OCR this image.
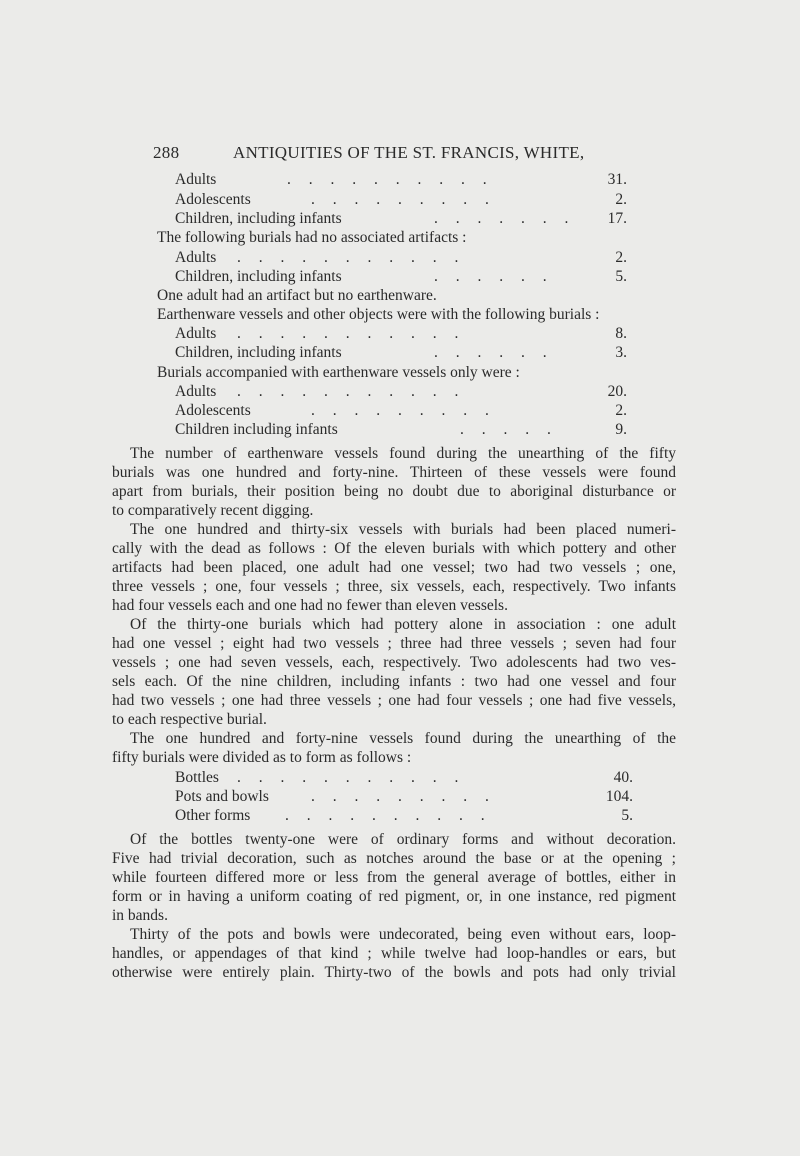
288	ANTIQUITIES OF THE ST. FRANCIS, WHITE,
Adults	. . . . . . . . . .	31.
Adolescents	. . . . . . . . .	2.
Children, including infants	. . . . . . . 17.
The following burials had no associated artifacts :
Adults . . . . . . . . . . .	2.
Children, including infants	. . . . . .	5.
One adult had an artifact but no earthenware.
Earthenware vessels and other objects were with the following burials :
Adults . . . . . . . . . . .	8.
Children, including infants	. . . . . .	3.
Burials accompanied with earthenware vessels only were :
Adults . . . . . . . . . . .	20.
Adolescents	. . . . . . . . .	2.
Children including infants	. . . . .	9.
The number of earthenware vessels found during the unearthing of the fifty
burials was one hundred and forty-nine. Thirteen of these vessels were found
apart from burials, their position being no doubt due to aboriginal disturbance or
to comparatively recent digging.
The one hundred and thirty-six vessels with burials had been placed numeri-
cally with the dead as follows : Of the eleven burials with which pottery and other
artifacts had been placed, one adult had one vessel; two had two vessels ; one,
three vessels ; one, four vessels ; three, six vessels, each, respectively. Two infants
had four vessels each and one had no fewer than eleven vessels.
Of the thirty-one burials which had pottery alone in association : one adult
had one vessel ; eight had two vessels ; three had three vessels ; seven had four
vessels ; one had seven vessels, each, respectively. Two adolescents had two ves-
sels each. Of the nine children, including infants : two had one vessel and four
had two vessels ; one had three vessels ; one had four vessels ; one had five vessels,
to each respective burial.
The one hundred and forty-nine vessels found during the unearthing of the
fifty burials were divided as to form as follows :
Bottles . . . . . . . . . . .	40.
Pots and bowls	. . . . . . . . .	104.
Other forms . . . . . . . . . .	5.
Of the bottles twenty-one were of ordinary forms and without decoration.
Five had trivial decoration, such as notches around the base or at the opening ;
while fourteen differed more or less from the general average of bottles, either in
form or in having a uniform coating of red pigment, or, in one instance, red pigment
in bands.
Thirty of the pots and bowls were undecorated, being even without ears, loop-
handles, or appendages of that kind ; while twelve had loop-handles or ears, but
otherwise were entirely plain. Thirty-two of the bowls and pots had only trivial
